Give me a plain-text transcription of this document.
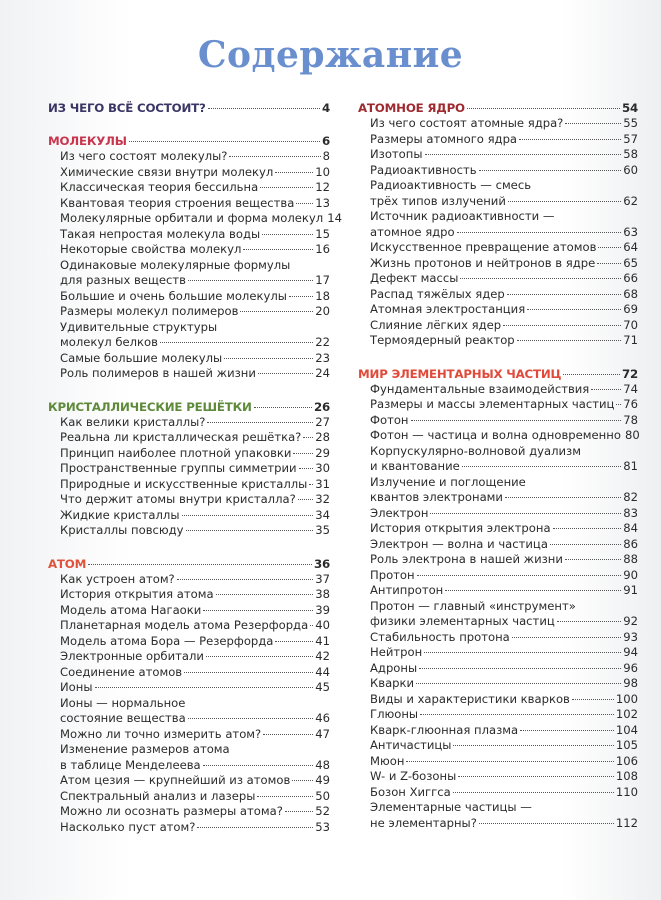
Содержание
ИЗ ЧЕГО ВСЁ СОСТОИТ?	4
МОЛЕКУЛЫ	6
Из чего состоят молекулы?	8
Химические связи внутри молекул	10
Классическая теория бессильна	12
Квантовая теория строения вещества 13
Молекулярные орбитали и форма молекул 14
Такая непростая молекула воды	15
Некоторые свойства молекул	16
Одинаковые молекулярные формулы
для разных веществ	17
Большие и очень большие молекулы 18
Размеры молекул полимеров	20
Удивительные структуры
молекул белков	22
Самые большие молекулы	23
Роль полимеров в нашей жизни	24
КРИСТАЛЛИЧЕСКИЕ РЕШЁТКИ	26
Как велики кристаллы?	27
Реальна ли кристаллическая решётка? 28
Принцип наиболее плотной упаковки 29
Пространственные группы симметрии 30
Природные и искусственные кристаллы 31
Что держит атомы внутри кристалла? 32
Жидкие кристаллы	34
Кристаллы повсюду	35
АТОМ	36
Как устроен атом?	37
История открытия атома	38
Модель атома Нагаоки	39
Планетарная модель атома Резерфорда 40
Модель атома Бора — Резерфорда	41
Электронные орбитали	42
Соединение атомов	44
Ионы	45
Ионы — нормальное
состояние вещества	46
Можно ли точно измерить атом?	47
Изменение размеров атома
в таблице Менделеева	48
Атом цезия — крупнейший из атомов 49
Спектральный анализ и лазеры	50
Можно ли осознать размеры атома?	52
Насколько пуст атом?	53
АТОМНОЕ ЯДРО	54
Из чего состоят атомные ядра?	55
Размеры атомного ядра	57
Изотопы	58
Радиоактивность	60
Радиоактивность — смесь
трёх типов излучений	62
Источник радиоактивности —
атомное ядро	63
Искусственное превращение атомов 64
Жизнь протонов и нейтронов в ядре 65
Дефект массы	66
Распад тяжёлых ядер	68
Атомная электростанция	69
Слияние лёгких ядер	70
Термоядерный реактор	71
МИР ЭЛЕМЕНТАРНЫХ ЧАСТИЦ	72
Фундаментальные взаимодействия	74
Размеры и массы элементарных частиц 76
Фотон	78
Фотон — частица и волна одновременно 80
Корпускулярно-волновой дуализм
и квантование	81
Излучение и поглощение
квантов электронами	82
Электрон	83
История открытия электрона	84
Электрон — волна и частица	86
Роль электрона в нашей жизни	88
Протон	90
Антипротон	91
Протон — главный «инструмент»
физики элементарных частиц	92
Стабильность протона	93
Нейтрон	94
Адроны	96
Кварки	98
Виды и характеристики кварков	100
Глюоны	102
Кварк-глюонная плазма	104
Античастицы	105
Мюон	106
W- и Z-бозоны	108
Бозон Хиггса	110
Элементарные частицы —
не элементарны?	112
